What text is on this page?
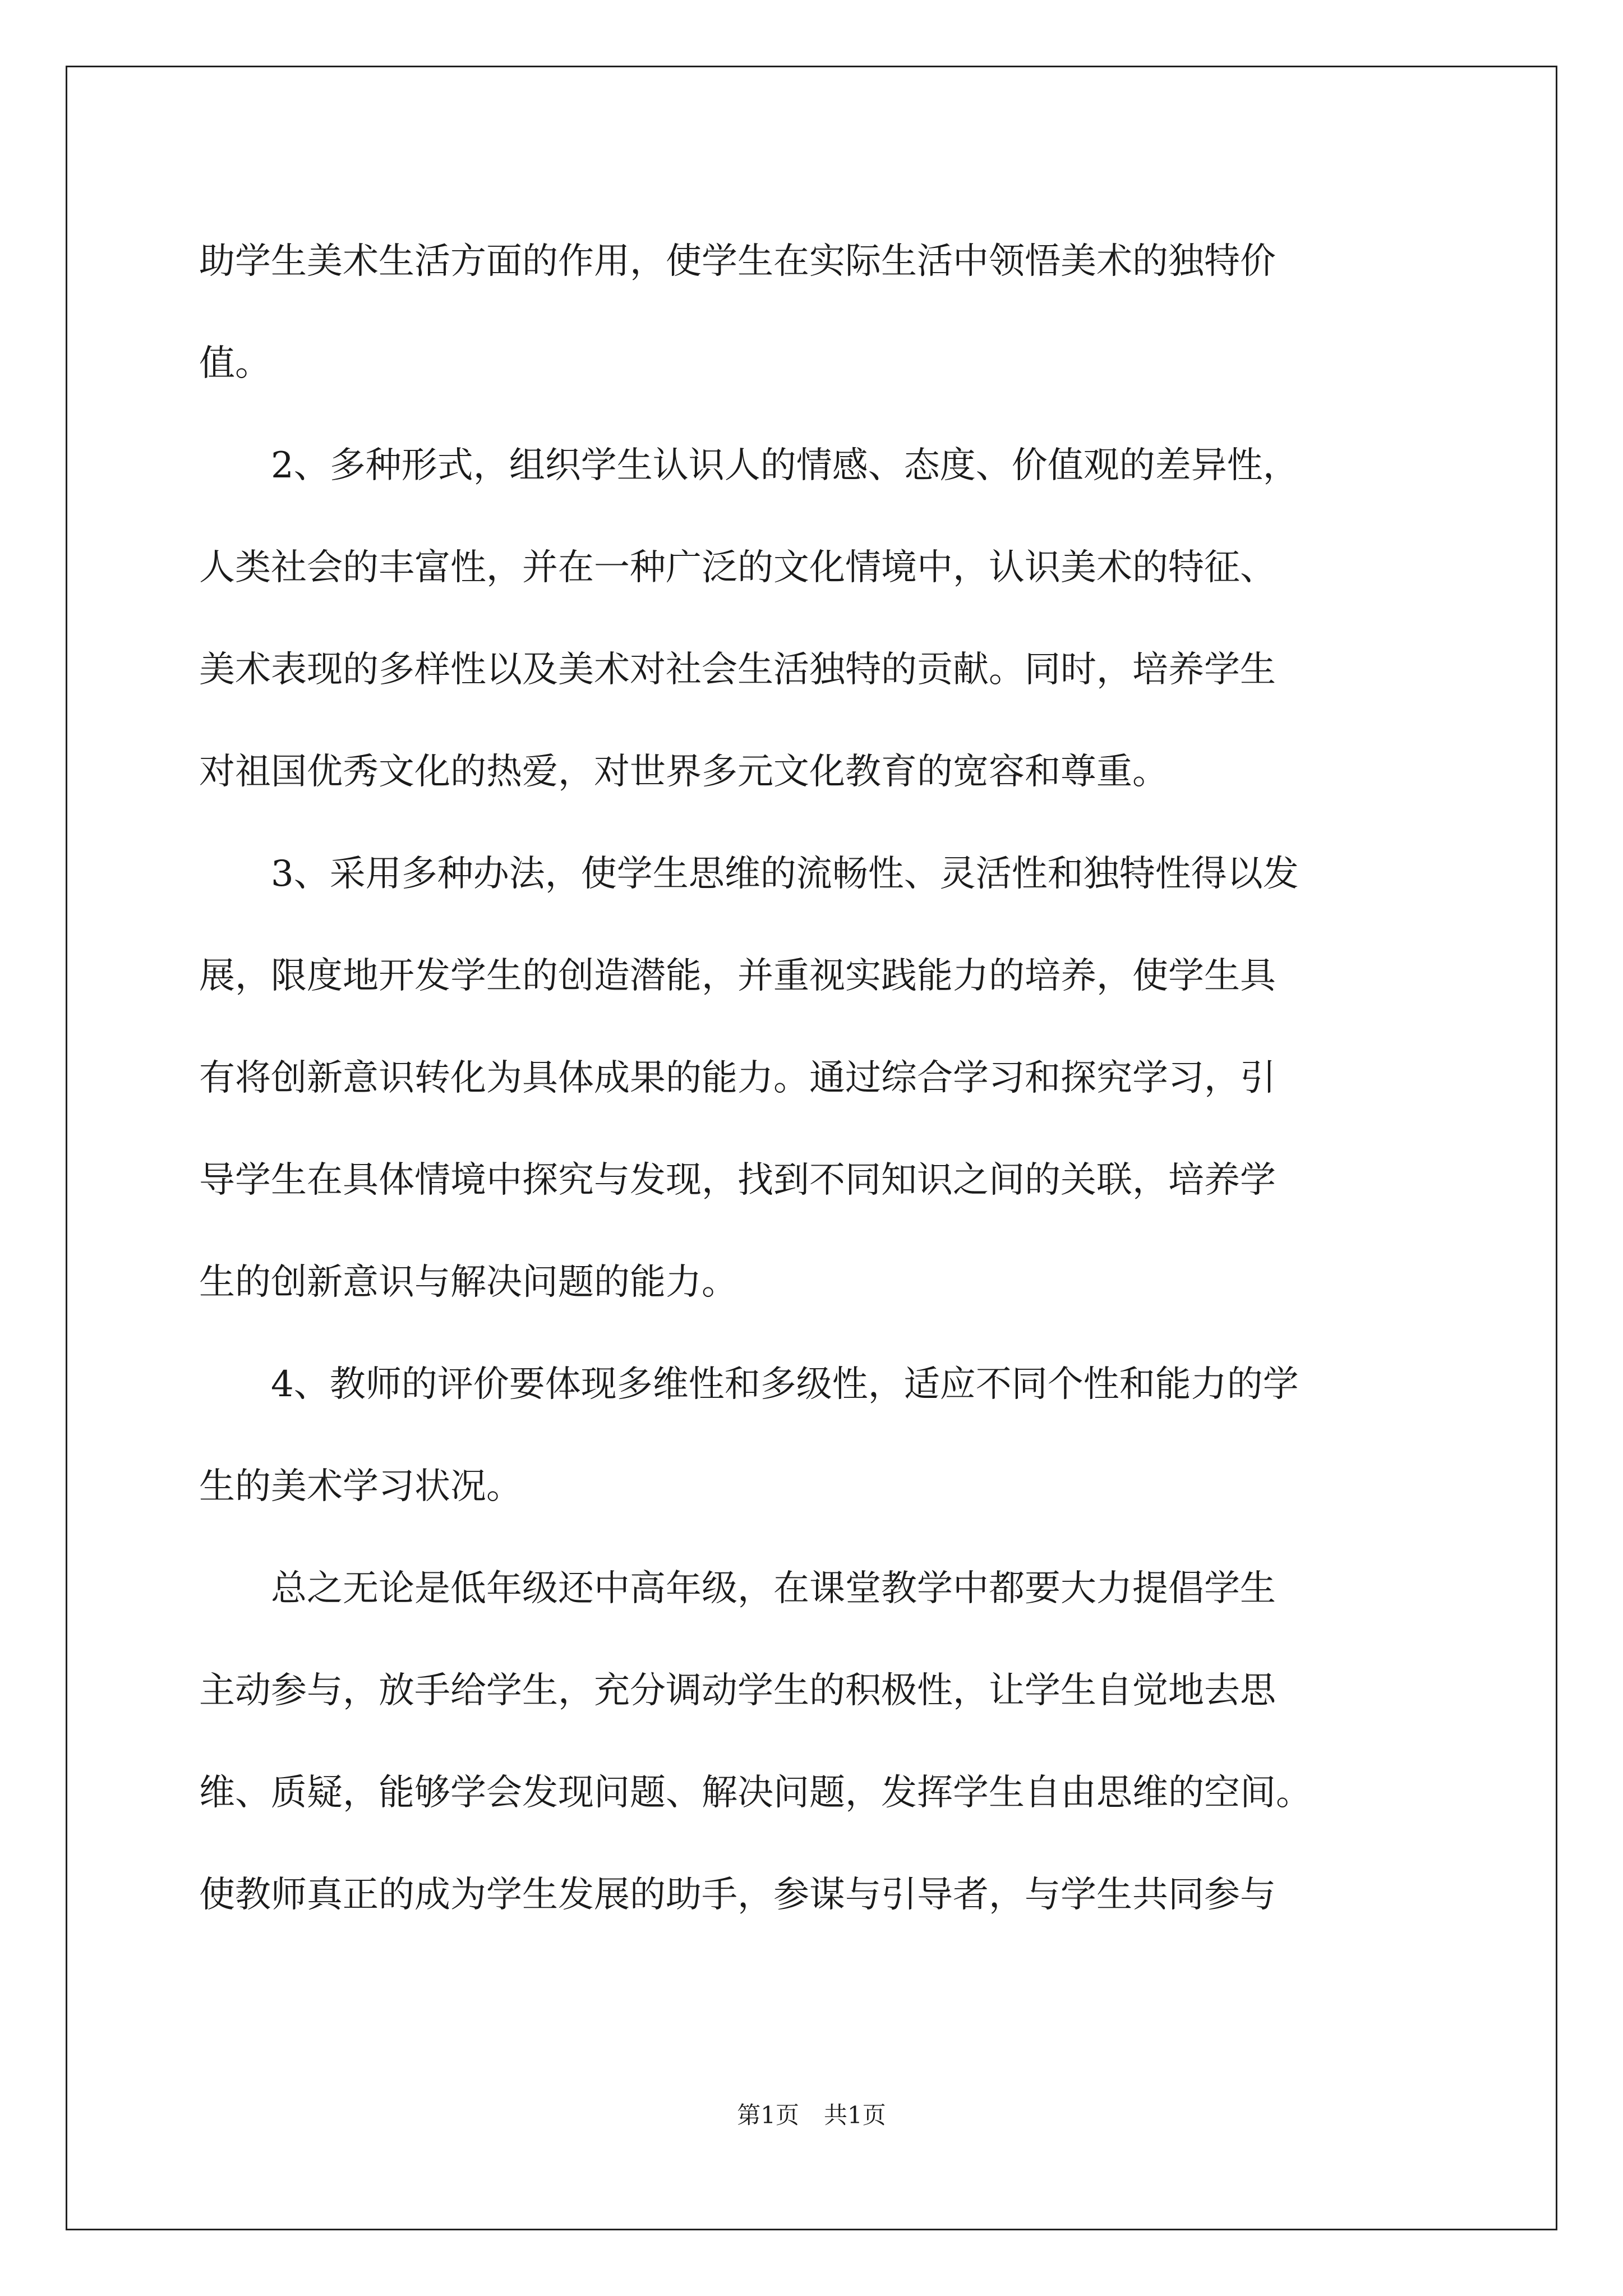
助学生美术生活方面的作用，使学生在实际生活中领悟美术的独特价
值。
2、多种形式，组织学生认识人的情感、态度、价值观的差异性，
人类社会的丰富性，并在一种广泛的文化情境中，认识美术的特征、
美术表现的多样性以及美术对社会生活独特的贡献。同时，培养学生
对祖国优秀文化的热爱，对世界多元文化教育的宽容和尊重。
3、采用多种办法，使学生思维的流畅性、灵活性和独特性得以发
展，限度地开发学生的创造潜能，并重视实践能力的培养，使学生具
有将创新意识转化为具体成果的能力。通过综合学习和探究学习，引
导学生在具体情境中探究与发现，找到不同知识之间的关联，培养学
生的创新意识与解决问题的能力。
4、教师的评价要体现多维性和多级性，适应不同个性和能力的学
生的美术学习状况。
总之无论是低年级还中高年级，在课堂教学中都要大力提倡学生
主动参与，放手给学生，充分调动学生的积极性，让学生自觉地去思
维、质疑，能够学会发现问题、解决问题，发挥学生自由思维的空间。
使教师真正的成为学生发展的助手，参谋与引导者，与学生共同参与
第1页 共1页
